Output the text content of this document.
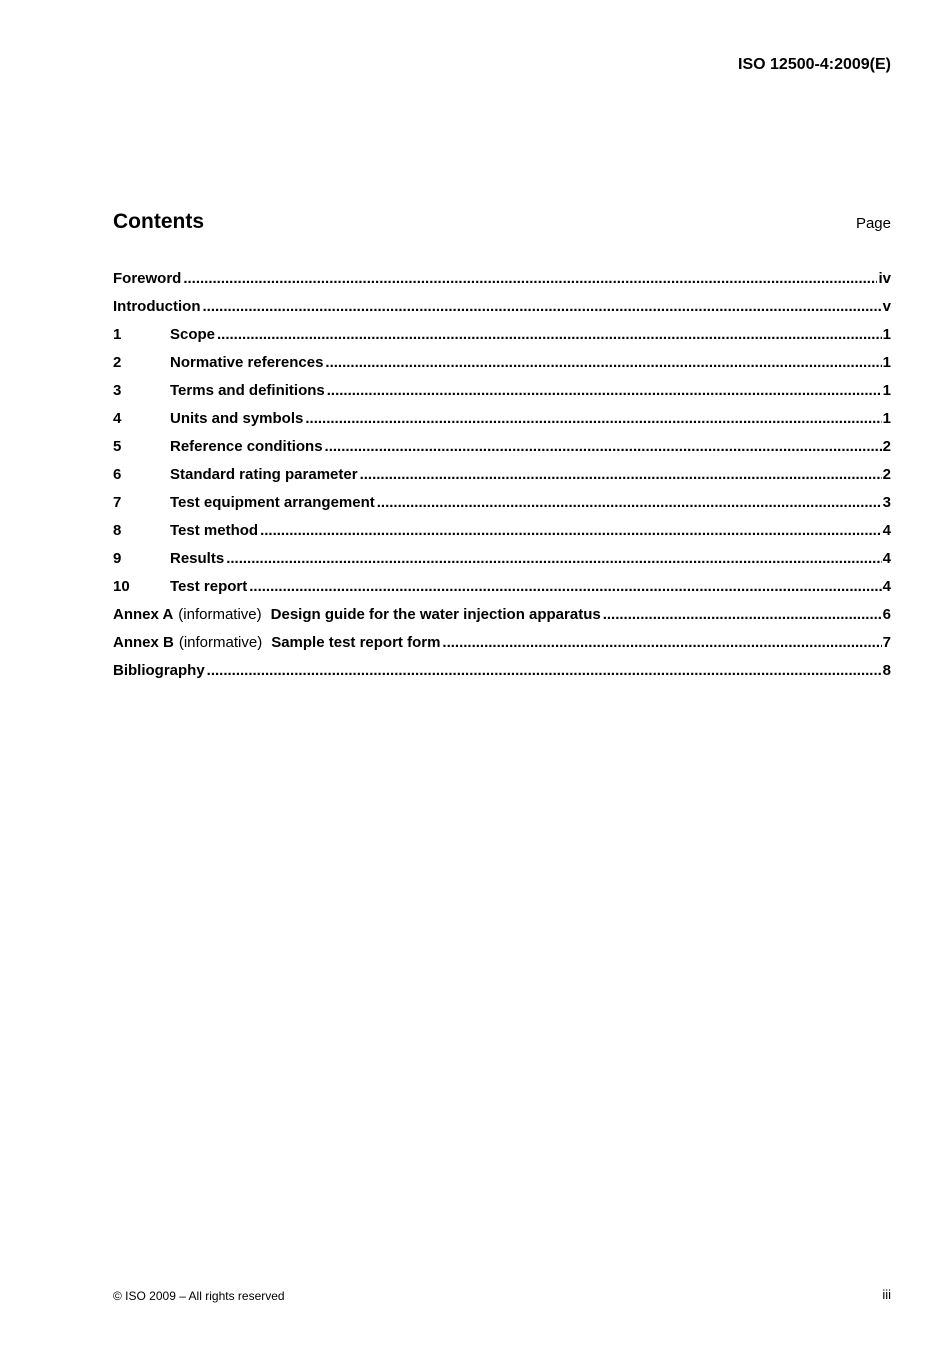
ISO 12500-4:2009(E)
Contents	Page
Foreword .....	iv
Introduction .....	v
1	Scope .....	1
2	Normative references .....	1
3	Terms and definitions .....	1
4	Units and symbols .....	1
5	Reference conditions .....	2
6	Standard rating parameter .....	2
7	Test equipment arrangement .....	3
8	Test method .....	4
9	Results .....	4
10	Test report .....	4
Annex A (informative) Design guide for the water injection apparatus .....	6
Annex B (informative) Sample test report form .....	7
Bibliography .....	8
© ISO 2009 – All rights reserved	iii
